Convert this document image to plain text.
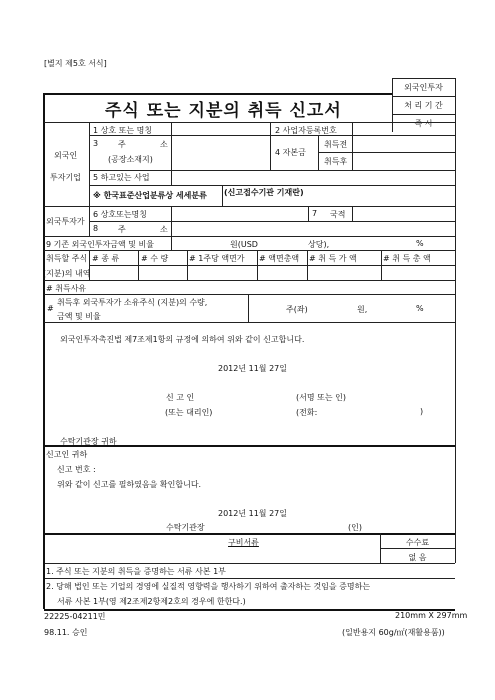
[별지 제5호 서식]
외국인투자
처 리 기 간
즉 시
주식 또는 지분의 취득 신고서
외국인
투자기업
1 상호 또는 명칭	2 사업자등록번호
3 주	소
(공장소재지)
4 자본금
취득전
취득후
5 하고있는 사업
※ 한국표준산업분류상 세세분류 (신고접수기관 기재란)
외국투자가
6 상호또는명칭	7 국적
8 주	소
9 기존 외국인투자금액 및 비율	원(USD	상당),	%
취득할 주식
(지분)의 내역
# 종 류	# 수 량	# 1주당 액면가 # 액면총액 # 취 득 가 액	# 취 득 총 액
# 취득사유
#
취득후 외국투자가 소유주식 (지분)의 수량,
금액 및 비율
주(좌)	원,	%
외국인투자촉진법 제7조제1항의 규정에 의하여 위와 같이 신고합니다.
2012년 11월 27일
신 고 인	(서명 또는 인)
(또는 대리인)	(전화:	)
수탁기관장 귀하
신고인 귀하
신고 번호 :
위와 같이 신고를 필하였음을 확인합니다.
2012년 11월 27일
수탁기관장	(인)
구비서류	수수료
없 음
1. 주식 또는 지분의 취득을 증명하는 서류 사본 1부
2. 당해 법인 또는 기업의 경영에 실질적 영향력을 행사하기 위하여 출자하는 것임을 증명하는
서류 사본 1부(영 제2조제2항제2호의 경우에 한한다.)
22225-04211민	210mm X 297mm
98.11. 승인	(일반용지 60g/㎡(재활용품))
